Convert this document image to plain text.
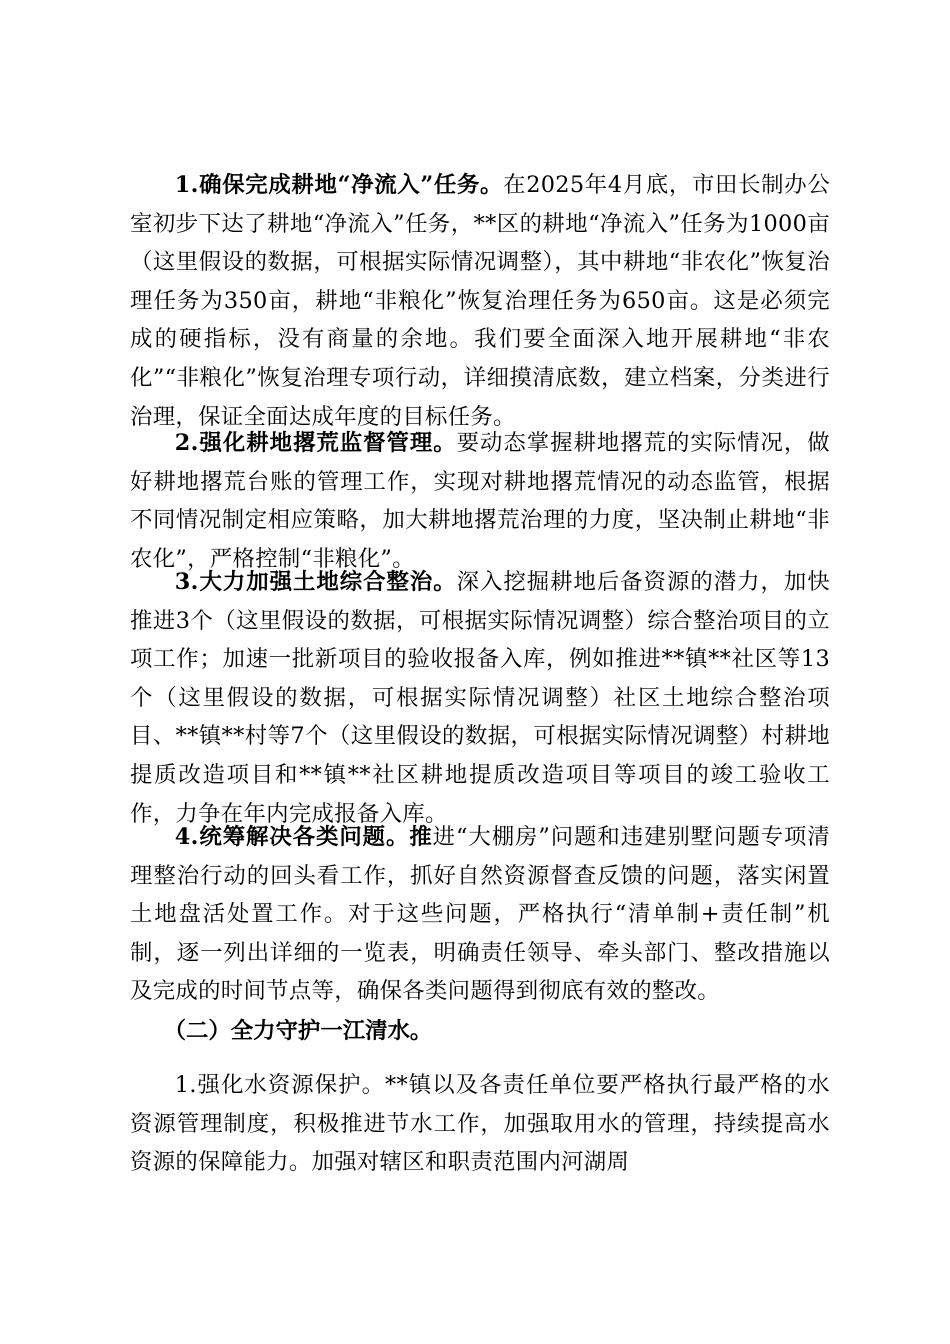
1.确保完成耕地“净流入”任务。在2025年4月底，市田长制办公室初步下达了耕地“净流入”任务，**区的耕地“净流入”任务为1000亩（这里假设的数据，可根据实际情况调整），其中耕地“非农化”恢复治理任务为350亩，耕地“非粮化”恢复治理任务为650亩。这是必须完成的硬指标，没有商量的余地。我们要全面深入地开展耕地“非农化”“非粮化”恢复治理专项行动，详细摸清底数，建立档案，分类进行治理，保证全面达成年度的目标任务。

2.强化耕地撂荒监督管理。要动态掌握耕地撂荒的实际情况，做好耕地撂荒台账的管理工作，实现对耕地撂荒情况的动态监管，根据不同情况制定相应策略，加大耕地撂荒治理的力度，坚决制止耕地“非农化”，严格控制“非粮化”。

3.大力加强土地综合整治。深入挖掘耕地后备资源的潜力，加快推进3个（这里假设的数据，可根据实际情况调整）综合整治项目的立项工作；加速一批新项目的验收报备入库，例如推进**镇**社区等13个（这里假设的数据，可根据实际情况调整）社区土地综合整治项目、**镇**村等7个（这里假设的数据，可根据实际情况调整）村耕地提质改造项目和**镇**社区耕地提质改造项目等项目的竣工验收工作，力争在年内完成报备入库。

4.统筹解决各类问题。推进“大棚房”问题和违建别墅问题专项清理整治行动的回头看工作，抓好自然资源督查反馈的问题，落实闲置土地盘活处置工作。对于这些问题，严格执行“清单制+责任制”机制，逐一列出详细的一览表，明确责任领导、牵头部门、整改措施以及完成的时间节点等，确保各类问题得到彻底有效的整改。

（二）全力守护一江清水。

1.强化水资源保护。**镇以及各责任单位要严格执行最严格的水资源管理制度，积极推进节水工作，加强取用水的管理，持续提高水资源的保障能力。加强对辖区和职责范围内河湖周
